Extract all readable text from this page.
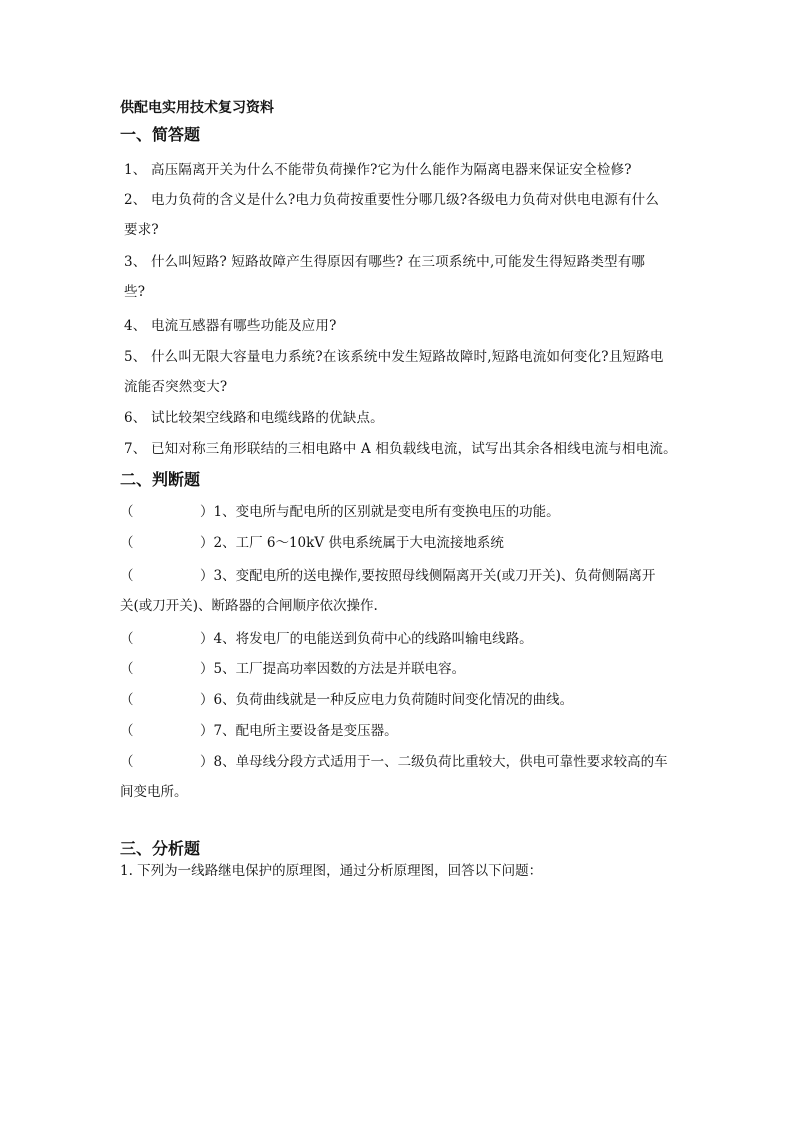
供配电实用技术复习资料
一、简答题
1、 高压隔离开关为什么不能带负荷操作?它为什么能作为隔离电器来保证安全检修?
2、 电力负荷的含义是什么?电力负荷按重要性分哪几级?各级电力负荷对供电电源有什么
要求?
3、 什么叫短路? 短路故障产生得原因有哪些? 在三项系统中,可能发生得短路类型有哪
些?
4、 电流互感器有哪些功能及应用?
5、 什么叫无限大容量电力系统?在该系统中发生短路故障时,短路电流如何变化?且短路电
流能否突然变大?
6、 试比较架空线路和电缆线路的优缺点。
7、 已知对称三角形联结的三相电路中 A 相负载线电流，试写出其余各相线电流与相电流。
二、判断题
（	）1、变电所与配电所的区别就是变电所有变换电压的功能。
（	）2、工厂 6～10kV 供电系统属于大电流接地系统
（	）3、变配电所的送电操作,要按照母线侧隔离开关(或刀开关)、负荷侧隔离开
关(或刀开关)、断路器的合闸顺序依次操作.
（	）4、将发电厂的电能送到负荷中心的线路叫输电线路。
（	）5、工厂提高功率因数的方法是并联电容。
（	）6、负荷曲线就是一种反应电力负荷随时间变化情况的曲线。
（	）7、配电所主要设备是变压器。
（	）8、单母线分段方式适用于一、二级负荷比重较大，供电可靠性要求较高的车
间变电所。
三、分析题
1. 下列为一线路继电保护的原理图，通过分析原理图，回答以下问题：
